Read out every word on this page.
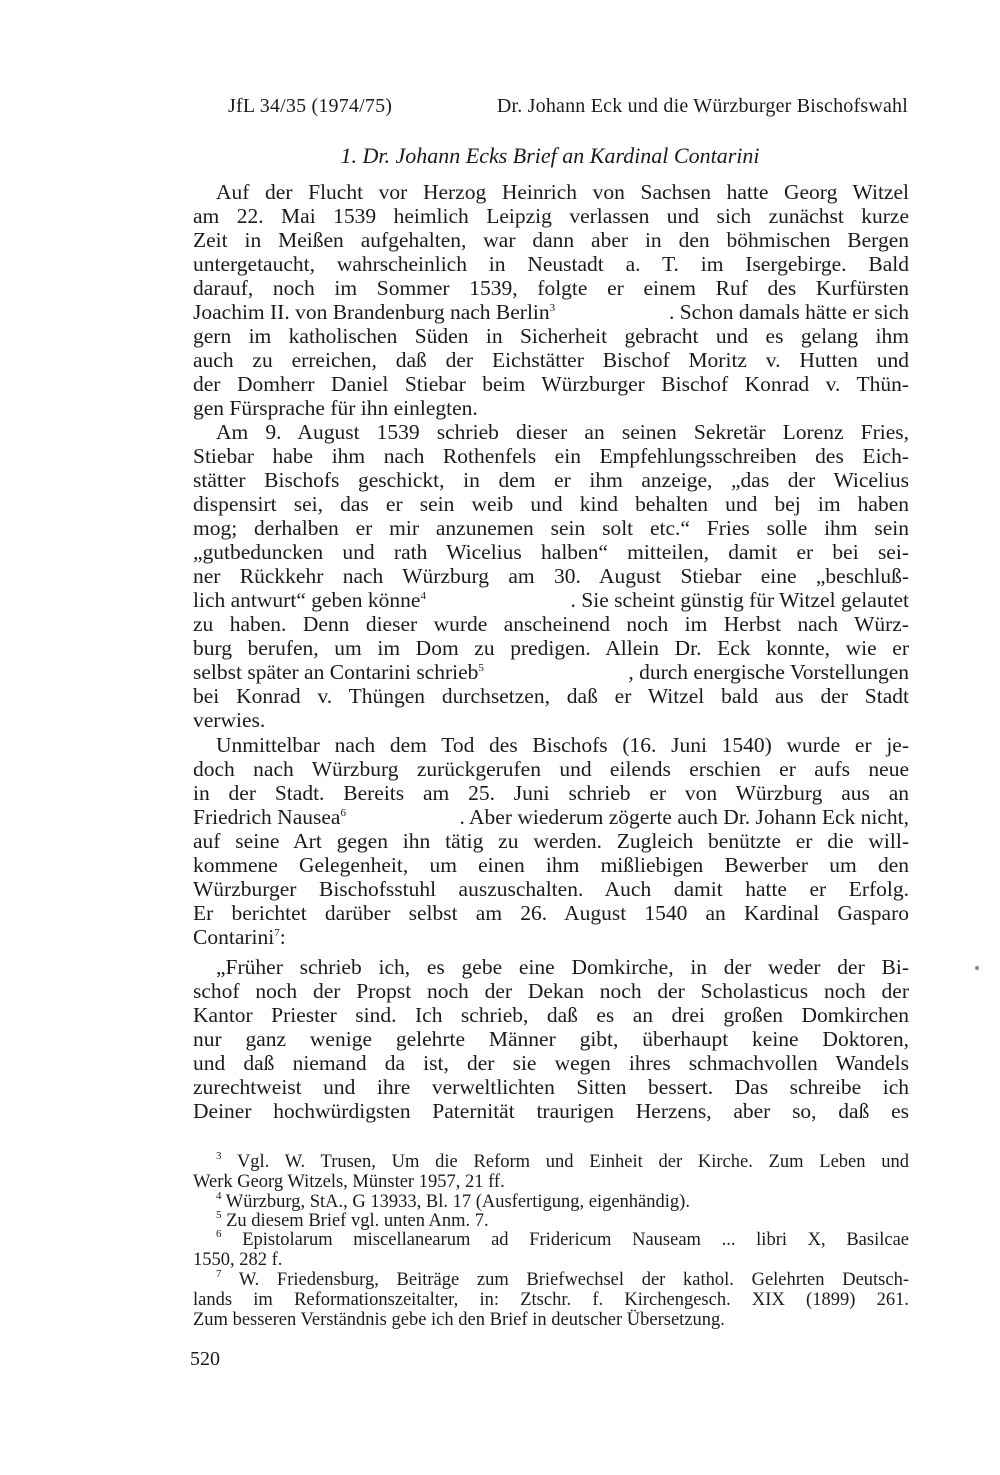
JfL 34/35 (1974/75)	Dr. Johann Eck und die Würzburger Bischofswahl
1. Dr. Johann Ecks Brief an Kardinal Contarini
Auf der Flucht vor Herzog Heinrich von Sachsen hatte Georg Witzel
am 22. Mai 1539 heimlich Leipzig verlassen und sich zunächst kurze
Zeit in Meißen aufgehalten, war dann aber in den böhmischen Bergen
untergetaucht, wahrscheinlich in Neustadt a. T. im Isergebirge. Bald
darauf, noch im Sommer 1539, folgte er einem Ruf des Kurfürsten
Joachim II. von Brandenburg nach Berlin$^3$	. Schon damals hätte er sich
gern im katholischen Süden in Sicherheit gebracht und es gelang ihm
auch zu erreichen, daß der Eichstätter Bischof Moritz v. Hutten und
der Domherr Daniel Stiebar beim Würzburger Bischof Konrad v. Thün-
gen Fürsprache für ihn einlegten.
Am 9. August 1539 schrieb dieser an seinen Sekretär Lorenz Fries,
Stiebar habe ihm nach Rothenfels ein Empfehlungsschreiben des Eich-
stätter Bischofs geschickt, in dem er ihm anzeige, „das der Wicelius
dispensirt sei, das er sein weib und kind behalten und bej im haben
mog; derhalben er mir anzunemen sein solt etc.“ Fries solle ihm sein
„gutbeduncken und rath Wicelius halben“ mitteilen, damit er bei sei-
ner Rückkehr nach Würzburg am 30. August Stiebar eine „beschluß-
lich antwurt“ geben könne$^4$	. Sie scheint günstig für Witzel gelautet
zu haben. Denn dieser wurde anscheinend noch im Herbst nach Würz-
burg berufen, um im Dom zu predigen. Allein Dr. Eck konnte, wie er
selbst später an Contarini schrieb$^5$	, durch energische Vorstellungen
bei Konrad v. Thüngen durchsetzen, daß er Witzel bald aus der Stadt
verwies.
Unmittelbar nach dem Tod des Bischofs (16. Juni 1540) wurde er je-
doch nach Würzburg zurückgerufen und eilends erschien er aufs neue
in der Stadt. Bereits am 25. Juni schrieb er von Würzburg aus an
Friedrich Nausea$^6$	. Aber wiederum zögerte auch Dr. Johann Eck nicht,
auf seine Art gegen ihn tätig zu werden. Zugleich benützte er die will-
kommene Gelegenheit, um einen ihm mißliebigen Bewerber um den
Würzburger Bischofsstuhl auszuschalten. Auch damit hatte er Erfolg.
Er berichtet darüber selbst am 26. August 1540 an Kardinal Gasparo
Contarini$^7$:
„Früher schrieb ich, es gebe eine Domkirche, in der weder der Bi-
schof noch der Propst noch der Dekan noch der Scholasticus noch der
Kantor Priester sind. Ich schrieb, daß es an drei großen Domkirchen
nur ganz wenige gelehrte Männer gibt, überhaupt keine Doktoren,
und daß niemand da ist, der sie wegen ihres schmachvollen Wandels
zurechtweist und ihre verweltlichten Sitten bessert. Das schreibe ich
Deiner hochwürdigsten Paternität traurigen Herzens, aber so, daß es
$^3$ Vgl. W. Trusen, Um die Reform und Einheit der Kirche. Zum Leben und
Werk Georg Witzels, Münster 1957, 21 ff.
$^4$ Würzburg, StA., G 13933, Bl. 17 (Ausfertigung, eigenhändig).
$^5$ Zu diesem Brief vgl. unten Anm. 7.
$^6$ Epistolarum miscellanearum ad Fridericum Nauseam ... libri X, Basilcae
1550, 282 f.
$^7$ W. Friedensburg, Beiträge zum Briefwechsel der kathol. Gelehrten Deutsch-
lands im Reformationszeitalter, in: Ztschr. f. Kirchengesch. XIX (1899) 261.
Zum besseren Verständnis gebe ich den Brief in deutscher Übersetzung.
520
